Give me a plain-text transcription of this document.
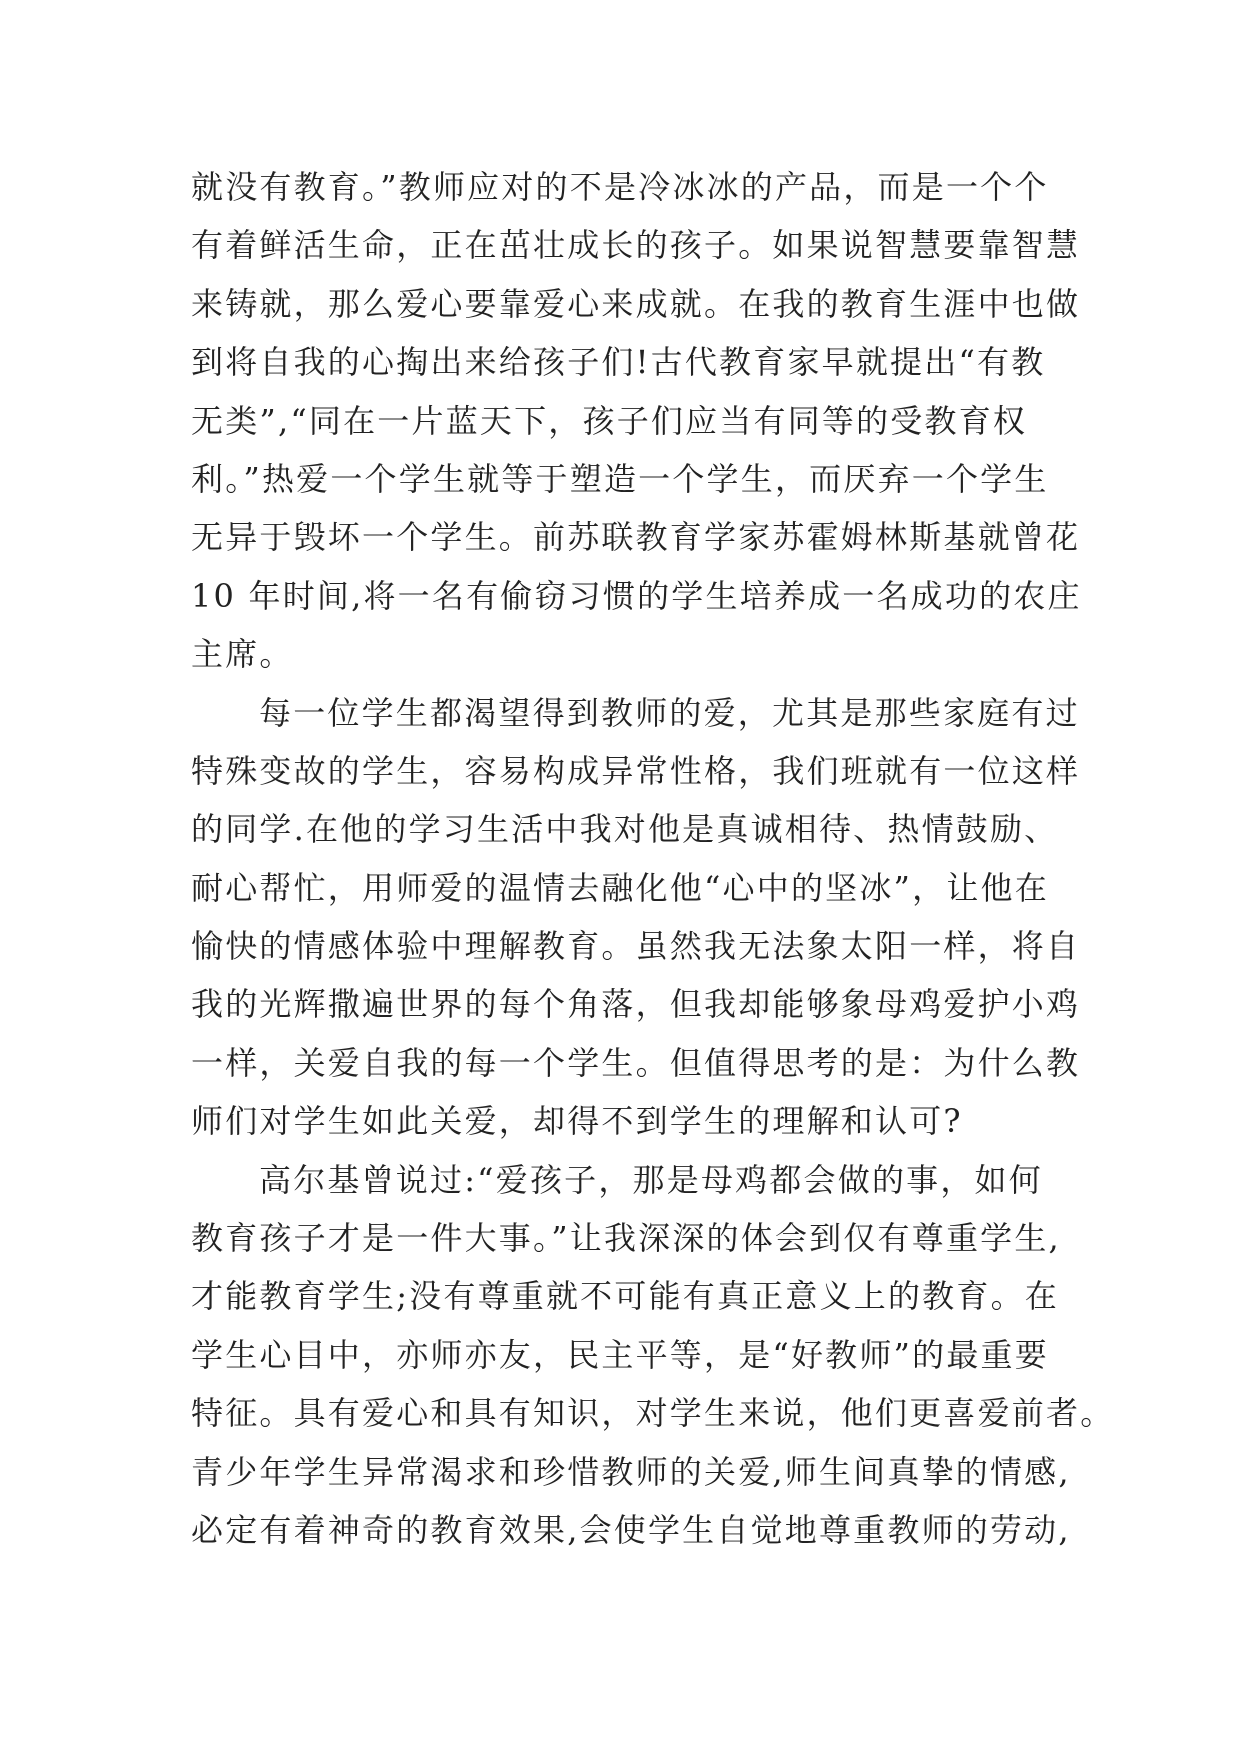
就没有教育。”教师应对的不是冷冰冰的产品，而是一个个
有着鲜活生命，正在茁壮成长的孩子。如果说智慧要靠智慧
来铸就，那么爱心要靠爱心来成就。在我的教育生涯中也做
到将自我的心掏出来给孩子们!古代教育家早就提出“有教
无类”,“同在一片蓝天下，孩子们应当有同等的受教育权
利。”热爱一个学生就等于塑造一个学生，而厌弃一个学生
无异于毁坏一个学生。前苏联教育学家苏霍姆林斯基就曾花
10 年时间,将一名有偷窃习惯的学生培养成一名成功的农庄
主席。
每一位学生都渴望得到教师的爱，尤其是那些家庭有过
特殊变故的学生，容易构成异常性格，我们班就有一位这样
的同学.在他的学习生活中我对他是真诚相待、热情鼓励、
耐心帮忙，用师爱的温情去融化他“心中的坚冰”，让他在
愉快的情感体验中理解教育。虽然我无法象太阳一样，将自
我的光辉撒遍世界的每个角落，但我却能够象母鸡爱护小鸡
一样，关爱自我的每一个学生。但值得思考的是：为什么教
师们对学生如此关爱，却得不到学生的理解和认可?
高尔基曾说过:“爱孩子，那是母鸡都会做的事，如何
教育孩子才是一件大事。”让我深深的体会到仅有尊重学生,
才能教育学生;没有尊重就不可能有真正意义上的教育。在
学生心目中，亦师亦友，民主平等，是“好教师”的最重要
特征。具有爱心和具有知识，对学生来说，他们更喜爱前者。
青少年学生异常渴求和珍惜教师的关爱,师生间真挚的情感,
必定有着神奇的教育效果,会使学生自觉地尊重教师的劳动,
